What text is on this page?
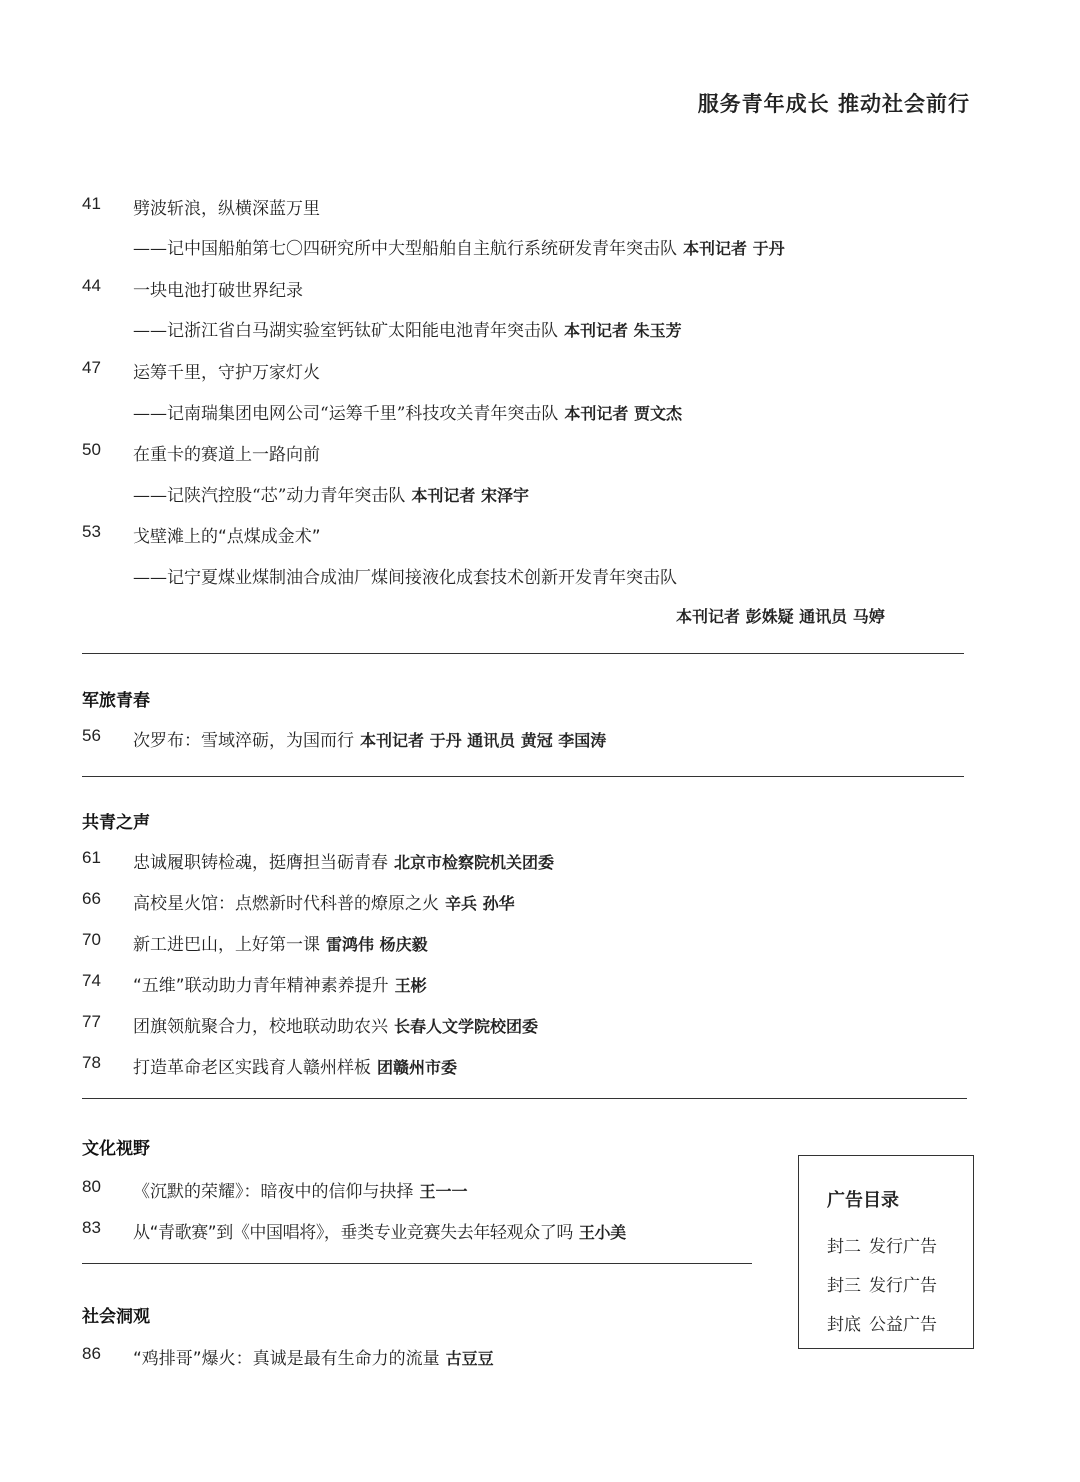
服务青年成长 推动社会前行
41 劈波斩浪，纵横深蓝万里
——记中国船舶第七〇四研究所中大型船舶自主航行系统研发青年突击队 本刊记者 于丹
44 一块电池打破世界纪录
——记浙江省白马湖实验室钙钛矿太阳能电池青年突击队 本刊记者 朱玉芳
47 运筹千里，守护万家灯火
——记南瑞集团电网公司“运筹千里”科技攻关青年突击队 本刊记者 贾文杰
50 在重卡的赛道上一路向前
——记陕汽控股“芯”动力青年突击队 本刊记者 宋泽宇
53 戈壁滩上的“点煤成金术”
——记宁夏煤业煤制油合成油厂煤间接液化成套技术创新开发青年突击队
本刊记者 彭姝疑 通讯员 马婷
军旅青春
56 次罗布：雪域淬砺，为国而行 本刊记者 于丹 通讯员 黄冠 李国涛
共青之声
61 忠诚履职铸检魂，挺膺担当砺青春 北京市检察院机关团委
66 高校星火馆：点燃新时代科普的燎原之火 辛兵 孙华
70 新工进巴山，上好第一课 雷鸿伟 杨庆毅
74 “五维”联动助力青年精神素养提升 王彬
77 团旗领航聚合力，校地联动助农兴 长春人文学院校团委
78 打造革命老区实践育人赣州样板 团赣州市委
文化视野
80 《沉默的荣耀》：暗夜中的信仰与抉择 王一一
83 从“青歌赛”到《中国唱将》，垂类专业竞赛失去年轻观众了吗 王小美
社会洞观
86 “鸡排哥”爆火：真诚是最有生命力的流量 古豆豆
广告目录
封二 发行广告
封三 发行广告
封底 公益广告
